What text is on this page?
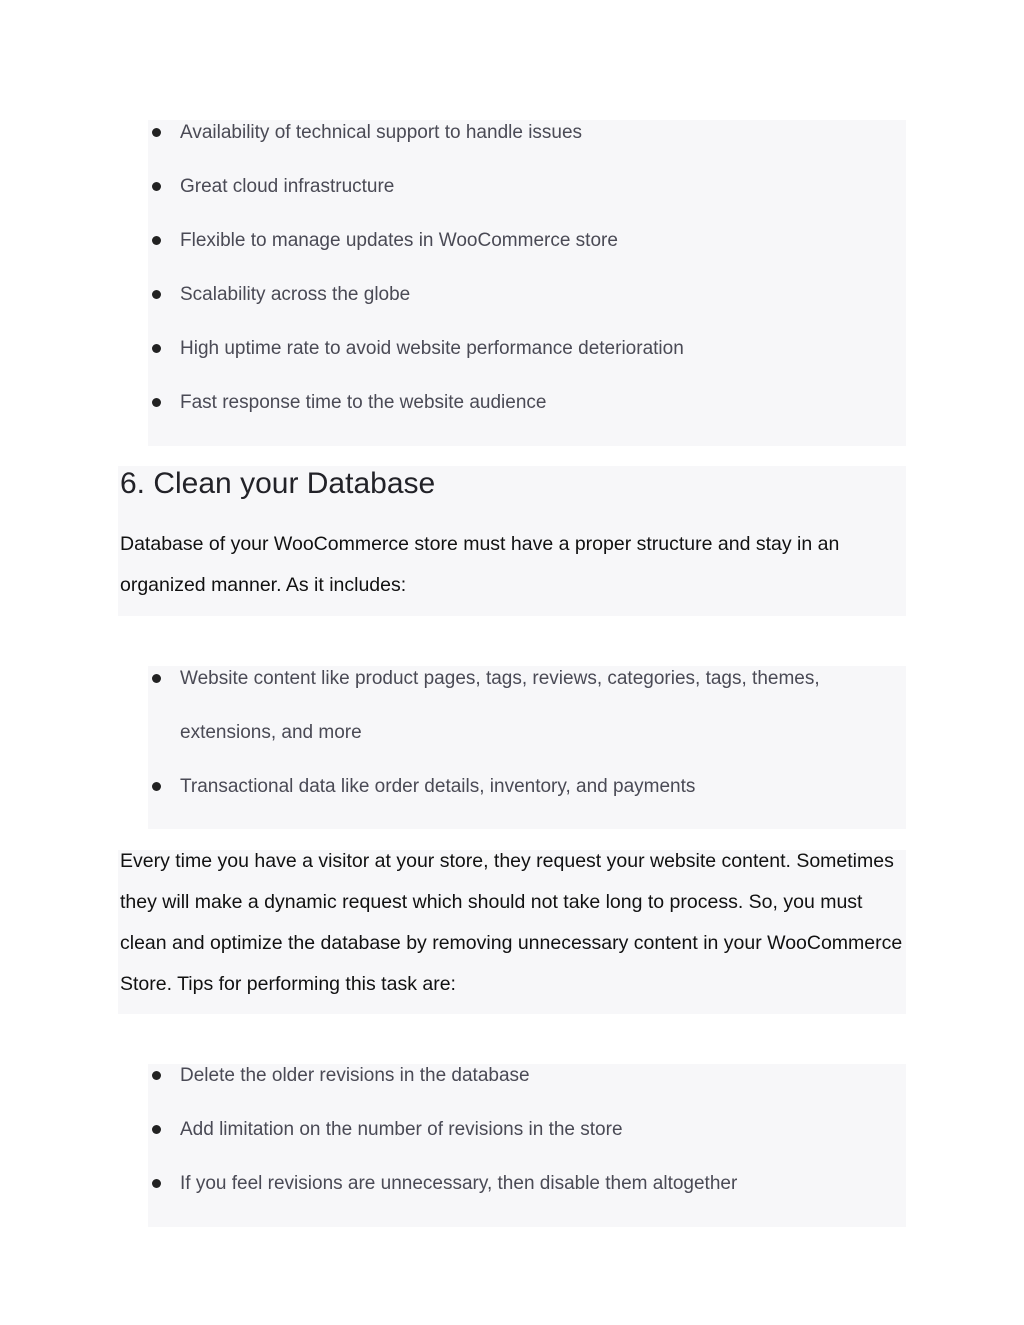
Availability of technical support to handle issues
Great cloud infrastructure
Flexible to manage updates in WooCommerce store
Scalability across the globe
High uptime rate to avoid website performance deterioration
Fast response time to the website audience
6. Clean your Database

Database of your WooCommerce store must have a proper structure and stay in an organized manner. As it includes:

Website content like product pages, tags, reviews, categories, tags, themes, extensions, and more
Transactional data like order details, inventory, and payments

Every time you have a visitor at your store, they request your website content. Sometimes they will make a dynamic request which should not take long to process. So, you must clean and optimize the database by removing unnecessary content in your WooCommerce Store. Tips for performing this task are:

Delete the older revisions in the database
Add limitation on the number of revisions in the store
If you feel revisions are unnecessary, then disable them altogether
